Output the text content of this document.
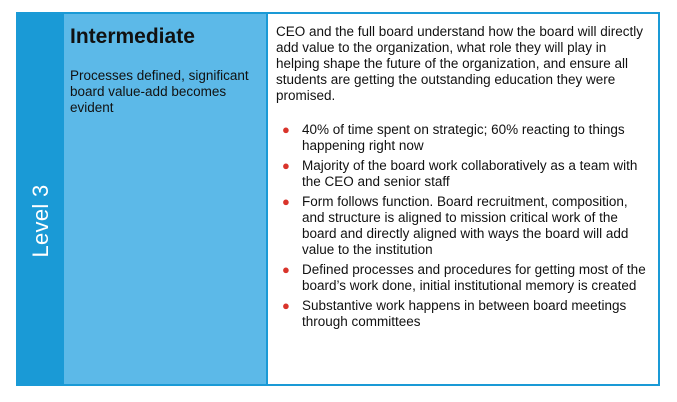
Level 3
Intermediate
Processes defined, significant board value-add becomes evident
CEO and the full board understand how the board will directly add value to the organization, what role they will play in helping shape the future of the organization, and ensure all students are getting the outstanding education they were promised.
● 40% of time spent on strategic; 60% reacting to things happening right now
● Majority of the board work collaboratively as a team with the CEO and senior staff
● Form follows function. Board recruitment, composition, and structure is aligned to mission critical work of the board and directly aligned with ways the board will add value to the institution
● Defined processes and procedures for getting most of the board’s work done, initial institutional memory is created
● Substantive work happens in between board meetings through committees
